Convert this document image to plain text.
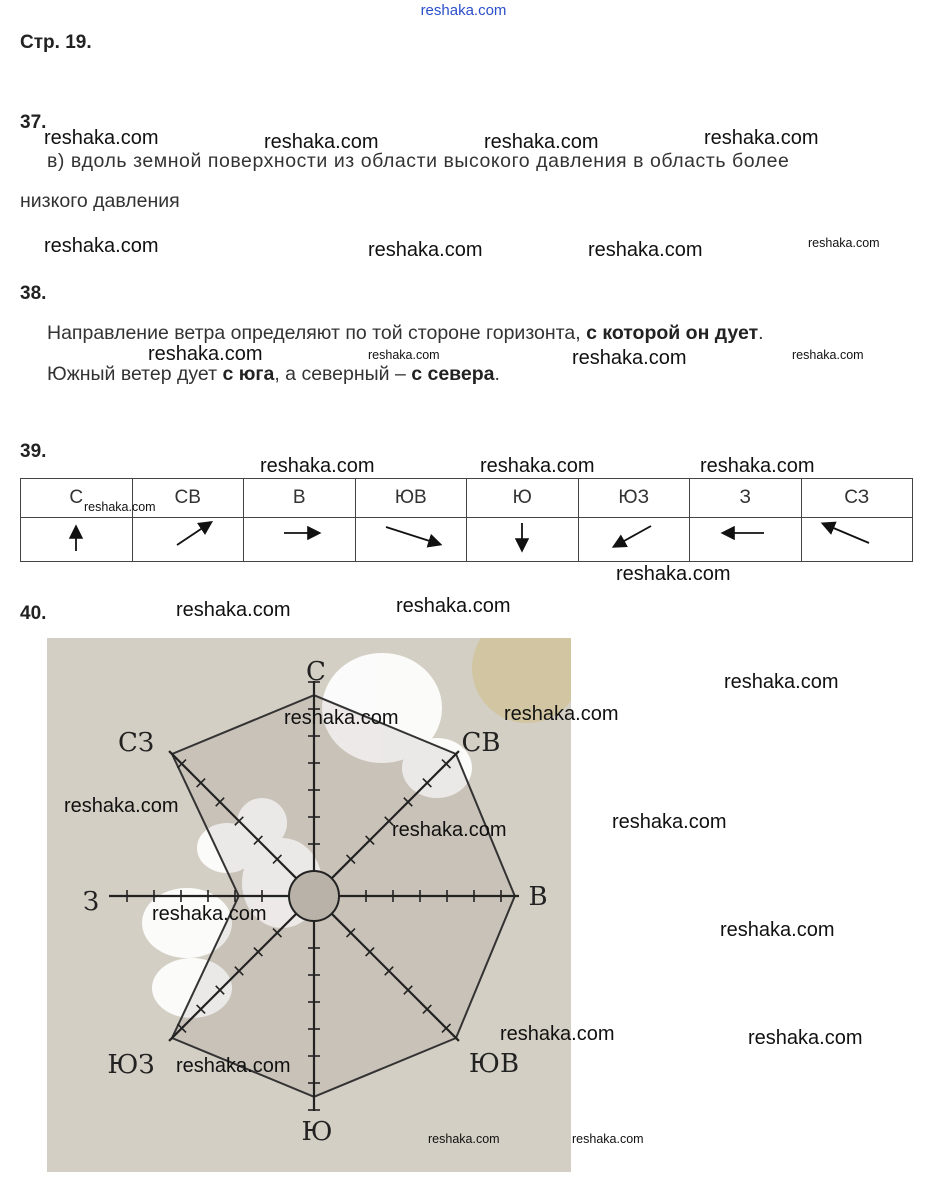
reshaka.com
Стр. 19.
37.
в) вдоль земной поверхности из области высокого давления в область более
низкого давления
38.
Направление ветра определяют по той стороне горизонта, с которой он дует.
Южный ветер дует с юга, а северный – с севера.
39.
С	СВ	В	ЮВ	Ю	ЮЗ	З	СЗ

40.
С
СВ
В
ЮВ
Ю
ЮЗ
З
СЗ
reshaka.com	reshaka.com	reshaka.com	reshaka.com
reshaka.com	reshaka.com	reshaka.com
reshaka.com	reshaka.com
reshaka.com	reshaka.com	reshaka.com
reshaka.com
reshaka.com	reshaka.com
reshaka.com
reshaka.com	reshaka.com
reshaka.com
reshaka.com	reshaka.com
reshaka.com
reshaka.com
reshaka.com	reshaka.com
reshaka.com
reshaka.com
reshaka.com	reshaka.com
reshaka.com
reshaka.com	reshaka.com
